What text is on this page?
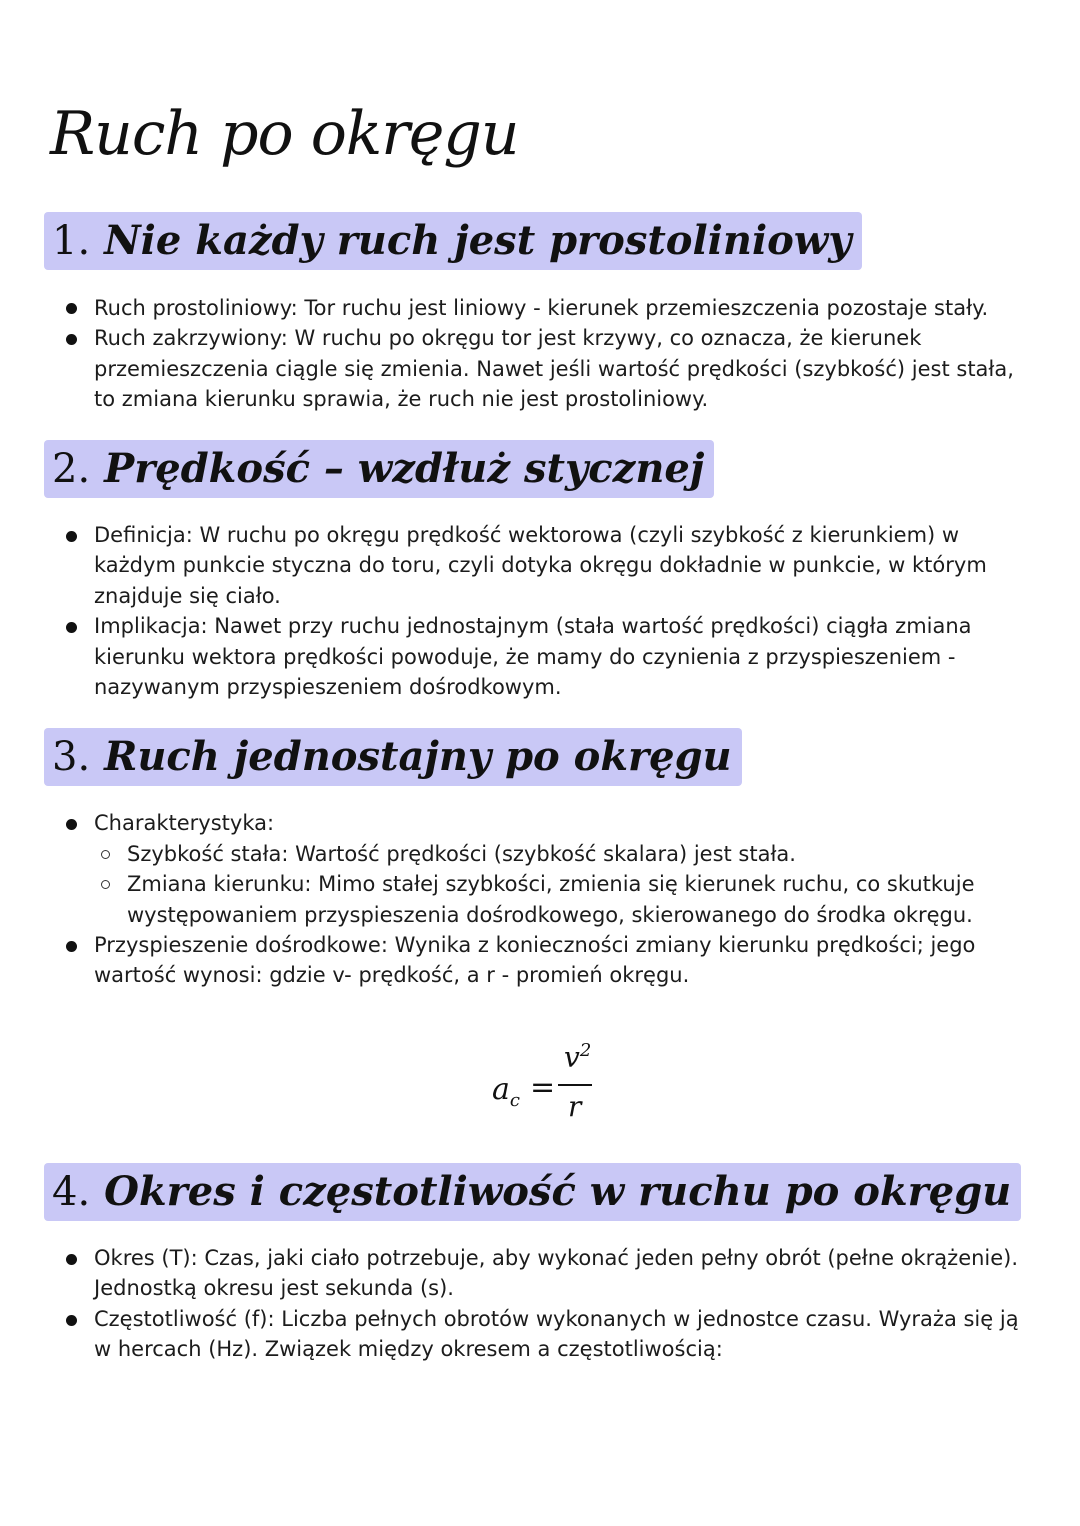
Ruch po okręgu
1. Nie każdy ruch jest prostoliniowy
Ruch prostoliniowy: Tor ruchu jest liniowy - kierunek przemieszczenia pozostaje stały.
Ruch zakrzywiony: W ruchu po okręgu tor jest krzywy, co oznacza, że kierunek
przemieszczenia ciągle się zmienia. Nawet jeśli wartość prędkości (szybkość) jest stała,
to zmiana kierunku sprawia, że ruch nie jest prostoliniowy.
2. Prędkość – wzdłuż stycznej
Definicja: W ruchu po okręgu prędkość wektorowa (czyli szybkość z kierunkiem) w
każdym punkcie styczna do toru, czyli dotyka okręgu dokładnie w punkcie, w którym
znajduje się ciało.
Implikacja: Nawet przy ruchu jednostajnym (stała wartość prędkości) ciągła zmiana
kierunku wektora prędkości powoduje, że mamy do czynienia z przyspieszeniem -
nazywanym przyspieszeniem dośrodkowym.
3. Ruch jednostajny po okręgu
Charakterystyka:
Szybkość stała: Wartość prędkości (szybkość skalara) jest stała.
Zmiana kierunku: Mimo stałej szybkości, zmienia się kierunek ruchu, co skutkuje
występowaniem przyspieszenia dośrodkowego, skierowanego do środka okręgu.
Przyspieszenie dośrodkowe: Wynika z konieczności zmiany kierunku prędkości; jego
wartość wynosi: gdzie v- prędkość, a r - promień okręgu.
$a_c$ =
$v^2$
r
4. Okres i częstotliwość w ruchu po okręgu
Okres (T): Czas, jaki ciało potrzebuje, aby wykonać jeden pełny obrót (pełne okrążenie).
Jednostką okresu jest sekunda (s).
Częstotliwość (f): Liczba pełnych obrotów wykonanych w jednostce czasu. Wyraża się ją
w hercach (Hz). Związek między okresem a częstotliwością:
